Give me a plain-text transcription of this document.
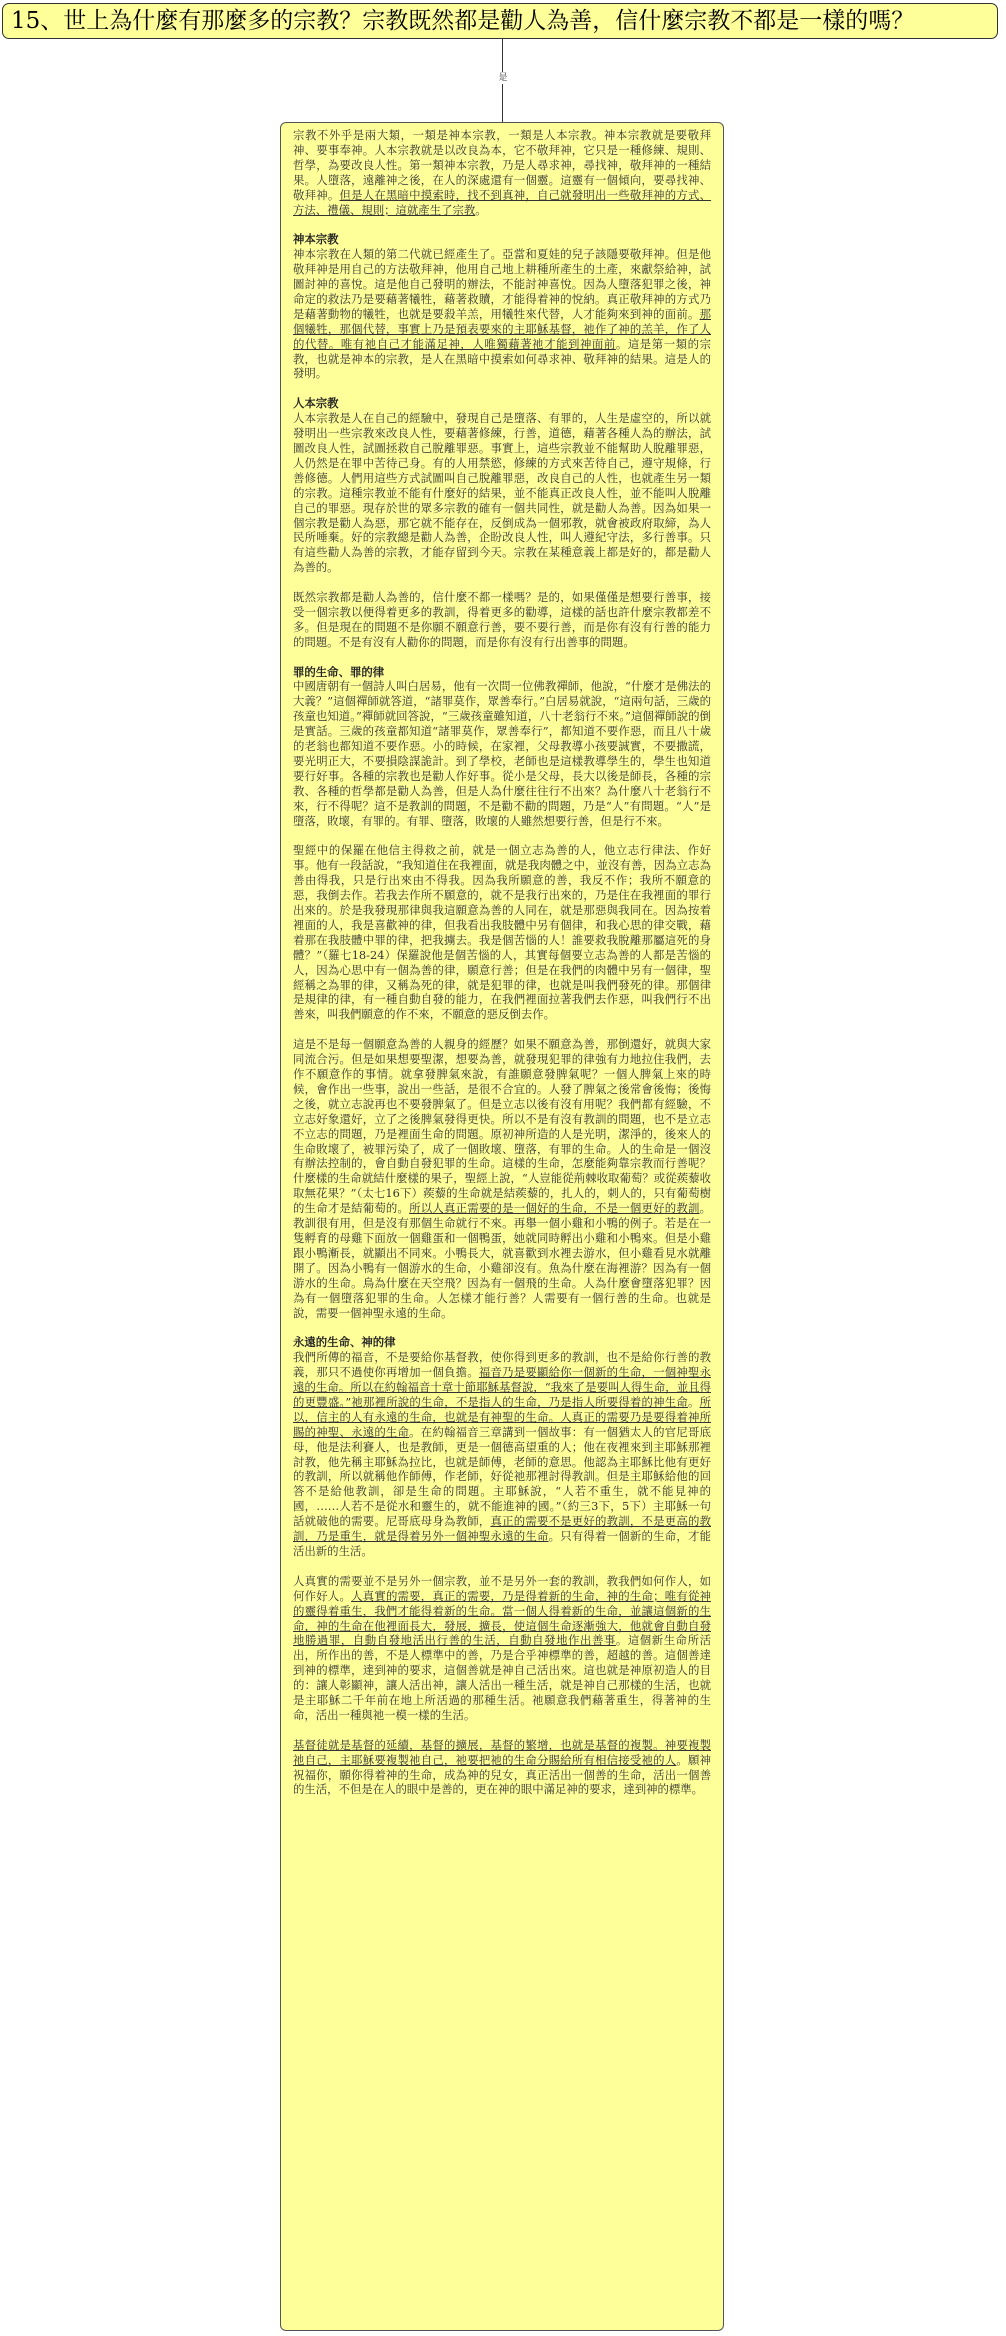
15、世上為什麼有那麼多的宗教？宗教既然都是勸人為善，信什麼宗教不都是一樣的嗎？
是

宗教不外乎是兩大類，一類是神本宗教，一類是人本宗教。神本宗教就是要敬拜神、要事奉神。人本宗教就是以改良為本，它不敬拜神，它只是一種修練、規則、哲學，為要改良人性。第一類神本宗教，乃是人尋求神，尋找神，敬拜神的一種結果。人墮落，遠離神之後，在人的深處還有一個靈。這靈有一個傾向，要尋找神、敬拜神。但是人在黑暗中摸索時，找不到真神，自己就發明出一些敬拜神的方式、方法、禮儀、規則；這就產生了宗教。

神本宗教

神本宗教在人類的第二代就已經產生了。亞當和夏娃的兒子該隱要敬拜神。但是他敬拜神是用自己的方法敬拜神，他用自己地上耕種所產生的土產，來獻祭給神，試圖討神的喜悅。這是他自己發明的辦法，不能討神喜悅。因為人墮落犯罪之後，神命定的救法乃是要藉著犧牲，藉著救贖，才能得着神的悅納。真正敬拜神的方式乃是藉著動物的犧牲，也就是要殺羊羔，用犧牲來代替，人才能夠來到神的面前。那個犧牲，那個代替，事實上乃是預表要來的主耶穌基督，祂作了神的羔羊，作了人的代替。唯有祂自己才能滿足神，人唯獨藉著祂才能到神面前。這是第一類的宗教，也就是神本的宗教，是人在黑暗中摸索如何尋求神、敬拜神的結果。這是人的發明。

人本宗教

人本宗教是人在自己的經驗中，發現自己是墮落、有罪的，人生是虛空的，所以就發明出一些宗教來改良人性，要藉著修練，行善，道德，藉著各種人為的辦法，試圖改良人性，試圖拯救自己脫離罪惡。事實上，這些宗教並不能幫助人脫離罪惡，人仍然是在罪中苦待己身。有的人用禁慾，修練的方式來苦待自己，遵守規條，行善修德。人們用這些方式試圖叫自己脫離罪惡，改良自己的人性，也就產生另一類的宗教。這種宗教並不能有什麼好的結果，並不能真正改良人性，並不能叫人脫離自己的罪惡。現存於世的眾多宗教的確有一個共同性，就是勸人為善。因為如果一個宗教是勸人為惡，那它就不能存在，反倒成為一個邪教，就會被政府取締，為人民所唾棄。好的宗教總是勸人為善，企盼改良人性，叫人遵紀守法，多行善事。只有這些勸人為善的宗教，才能存留到今天。宗教在某種意義上都是好的，都是勸人為善的。

既然宗教都是勸人為善的，信什麼不都一樣嗎？是的，如果僅僅是想要行善事，接受一個宗教以便得着更多的教訓，得着更多的勸導，這樣的話也許什麼宗教都差不多。但是現在的問題不是你願不願意行善，要不要行善，而是你有沒有行善的能力的問題。不是有沒有人勸你的問題，而是你有沒有行出善事的問題。

罪的生命、罪的律

中國唐朝有一個詩人叫白居易，他有一次問一位佛教禪師，他說，“什麼才是佛法的大義？”這個禪師就答道，“諸罪莫作，眾善奉行。”白居易就說，“這兩句話，三歲的孩童也知道。”禪師就回答說，“三歲孩童雖知道，八十老翁行不來。”這個禪師說的倒是實話。三歲的孩童都知道“諸罪莫作，眾善奉行”，都知道不要作惡，而且八十歲的老翁也都知道不要作惡。小的時候，在家裡，父母教導小孩要誠實，不要撒謊，要光明正大，不要損陰謀詭計。到了學校，老師也是這樣教導學生的，學生也知道要行好事。各種的宗教也是勸人作好事。從小是父母，長大以後是師長，各種的宗教、各種的哲學都是勸人為善，但是人為什麼往往行不出來？為什麼八十老翁行不來，行不得呢？這不是教訓的問題，不是勸不勸的問題，乃是“人”有問題。“人”是墮落，敗壞，有罪的。有罪、墮落，敗壞的人雖然想要行善，但是行不來。

聖經中的保羅在他信主得救之前，就是一個立志為善的人，他立志行律法、作好事。他有一段話說，“我知道住在我裡面，就是我肉體之中，並沒有善，因為立志為善由得我，只是行出來由不得我。因為我所願意的善，我反不作；我所不願意的惡，我倒去作。若我去作所不願意的，就不是我行出來的，乃是住在我裡面的罪行出來的。於是我發現那律與我這願意為善的人同在，就是那惡與我同在。因為按着裡面的人，我是喜歡神的律，但我看出我肢體中另有個律，和我心思的律交戰，藉着那在我肢體中罪的律，把我擄去。我是個苦惱的人！誰要救我脫離那屬這死的身體？”（羅七18-24）保羅說他是個苦惱的人，其實每個要立志為善的人都是苦惱的人，因為心思中有一個為善的律，願意行善；但是在我們的肉體中另有一個律，聖經稱之為罪的律，又稱為死的律，就是犯罪的律，也就是叫我們發死的律。那個律是規律的律，有一種自動自發的能力，在我們裡面拉著我們去作惡，叫我們行不出善來，叫我們願意的作不來，不願意的惡反倒去作。

這是不是每一個願意為善的人親身的經歷？如果不願意為善，那倒還好，就與大家同流合污。但是如果想要聖潔，想要為善，就發現犯罪的律強有力地拉住我們，去作不願意作的事情。就拿發脾氣來說，有誰願意發脾氣呢？一個人脾氣上來的時候，會作出一些事，說出一些話，是很不合宜的。人發了脾氣之後常會後悔；後悔之後，就立志說再也不要發脾氣了。但是立志以後有沒有用呢？我們都有經驗，不立志好象還好，立了之後脾氣發得更快。所以不是有沒有教訓的問題，也不是立志不立志的問題，乃是裡面生命的問題。原初神所造的人是光明，潔淨的，後來人的生命敗壞了，被罪污染了，成了一個敗壞、墮落，有罪的生命。人的生命是一個沒有辦法控制的，會自動自發犯罪的生命。這樣的生命，怎麼能夠靠宗教而行善呢？什麼樣的生命就結什麼樣的果子，聖經上說，“人豈能從荊棘收取葡萄？或從蒺藜收取無花果？”（太七16下）蒺藜的生命就是結蒺藜的，扎人的，刺人的，只有葡萄樹的生命才是結葡萄的。所以人真正需要的是一個好的生命，不是一個更好的教訓。教訓很有用，但是沒有那個生命就行不來。再舉一個小雞和小鴨的例子。若是在一隻孵育的母雞下面放一個雞蛋和一個鴨蛋，她就同時孵出小雞和小鴨來。但是小雞跟小鴨漸長，就顯出不同來。小鴨長大，就喜歡到水裡去游水，但小雞看見水就離開了。因為小鴨有一個游水的生命，小雞卻沒有。魚為什麼在海裡游？因為有一個游水的生命。鳥為什麼在天空飛？因為有一個飛的生命。人為什麼會墮落犯罪？因為有一個墮落犯罪的生命。人怎樣才能行善？人需要有一個行善的生命。也就是說，需要一個神聖永遠的生命。

永遠的生命、神的律

我們所傳的福音，不是要給你基督教，使你得到更多的教訓，也不是給你行善的教義，那只不過使你再增加一個負擔。福音乃是要顯給你一個新的生命，一個神聖永遠的生命。所以在約翰福音十章十節耶穌基督說，“我來了是要叫人得生命，並且得的更豐盛。”祂那裡所說的生命，不是指人的生命，乃是指人所要得着的神生命。所以，信主的人有永遠的生命，也就是有神聖的生命。人真正的需要乃是要得着神所賜的神聖、永遠的生命。在約翰福音三章講到一個故事：有一個猶太人的官尼哥底母，他是法利賽人，也是教師，更是一個德高望重的人；他在夜裡來到主耶穌那裡討教，他先稱主耶穌為拉比，也就是師傅，老師的意思。他認為主耶穌比他有更好的教訓，所以就稱他作師傅，作老師，好從祂那裡討得教訓。但是主耶穌給他的回答不是給他教訓，卻是生命的問題。主耶穌說，“人若不重生，就不能見神的國，……人若不是從水和靈生的，就不能進神的國。”（約三3下，5下）主耶穌一句話就破他的需要。尼哥底母身為教師，真正的需要不是更好的教訓，不是更高的教訓，乃是重生，就是得着另外一個神聖永遠的生命。只有得着一個新的生命，才能活出新的生活。

人真實的需要並不是另外一個宗教，並不是另外一套的教訓，教我們如何作人，如何作好人。人真實的需要，真正的需要，乃是得着新的生命，神的生命；唯有從神的靈得着重生，我們才能得着新的生命。當一個人得着新的生命，並讓這個新的生命，神的生命在他裡面長大，發展，擴長，使這個生命逐漸強大，他就會自動自發地勝過罪，自動自發地活出行善的生活，自動自發地作出善事。這個新生命所活出，所作出的善，不是人標準中的善，乃是合乎神標準的善，超越的善。這個善達到神的標準，達到神的要求，這個善就是神自己活出來。這也就是神原初造人的目的：讓人彰顯神，讓人活出神，讓人活出一種生活，就是神自己那樣的生活，也就是主耶穌二千年前在地上所活過的那種生活。祂願意我們藉著重生，得著神的生命，活出一種與祂一模一樣的生活。

基督徒就是基督的延續，基督的擴展，基督的繁增，也就是基督的複製。神要複製祂自己，主耶穌要複製祂自己，祂要把祂的生命分賜給所有相信接受祂的人。願神祝福你，願你得着神的生命，成為神的兒女，真正活出一個善的生命，活出一個善的生活，不但是在人的眼中是善的，更在神的眼中滿足神的要求，達到神的標準。
